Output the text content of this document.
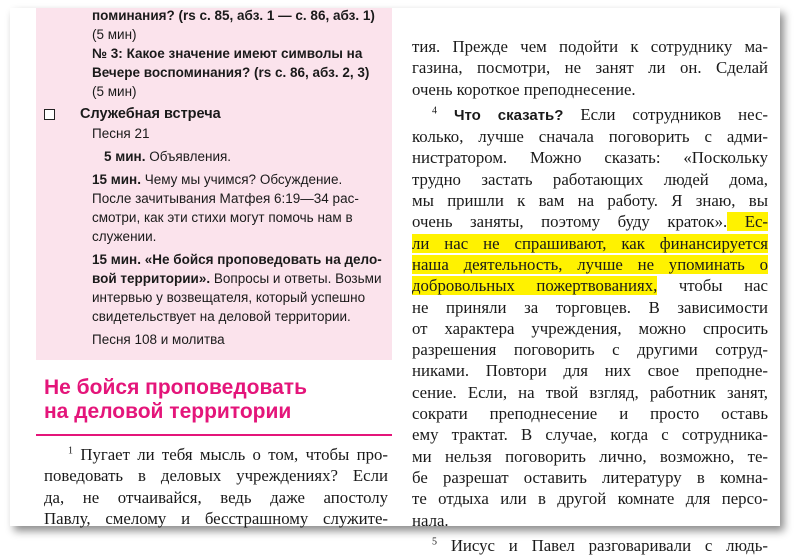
поминания? (rs с. 85, абз. 1 — с. 86, абз. 1)
(5 мин)
№ 3: Какое значение имеют символы на
Вечере воспоминания? (rs с. 86, абз. 2, 3)
(5 мин)
Служебная встреча
Песня 21
5 мин. Объявления.
15 мин. Чему мы учимся? Обсуждение.
После зачитывания Матфея 6:19—34 рас-
смотри, как эти стихи могут помочь нам в
служении.
15 мин. «Не бойся проповедовать на дело-
вой территории». Вопросы и ответы. Возьми
интервью у возвещателя, который успешно
свидетельствует на деловой территории.
Песня 108 и молитва
Не бойся проповедовать
на деловой территории
$^1$ Пугает ли тебя мысль о том, чтобы про-
поведовать в деловых учреждениях? Если
да, не отчаивайся, ведь даже апостолу
Павлу, смелому и бесстрашному служите-
тия. Прежде чем подойти к сотруднику ма-
газина, посмотри, не занят ли он. Сделай
очень короткое преподнесение.
$^4$ Что сказать? Если сотрудников нес-
колько, лучше сначала поговорить с адми-
нистратором. Можно сказать: «Поскольку
трудно застать работающих людей дома,
мы пришли к вам на работу. Я знаю, вы
очень заняты, поэтому буду краток». Ес-
ли нас не спрашивают, как финансируется
наша деятельность, лучше не упоминать о
добровольных пожертвованиях, чтобы нас
не приняли за торговцев. В зависимости
от характера учреждения, можно спросить
разрешения поговорить с другими сотруд-
никами. Повтори для них свое преподне-
сение. Если, на твой взгляд, работник занят,
сократи преподнесение и просто оставь
ему трактат. В случае, когда с сотрудника-
ми нельзя поговорить лично, возможно, те-
бе разрешат оставить литературу в комна-
те отдыха или в другой комнате для персо-
нала.
$^5$ Иисус и Павел разговаривали с людь-
